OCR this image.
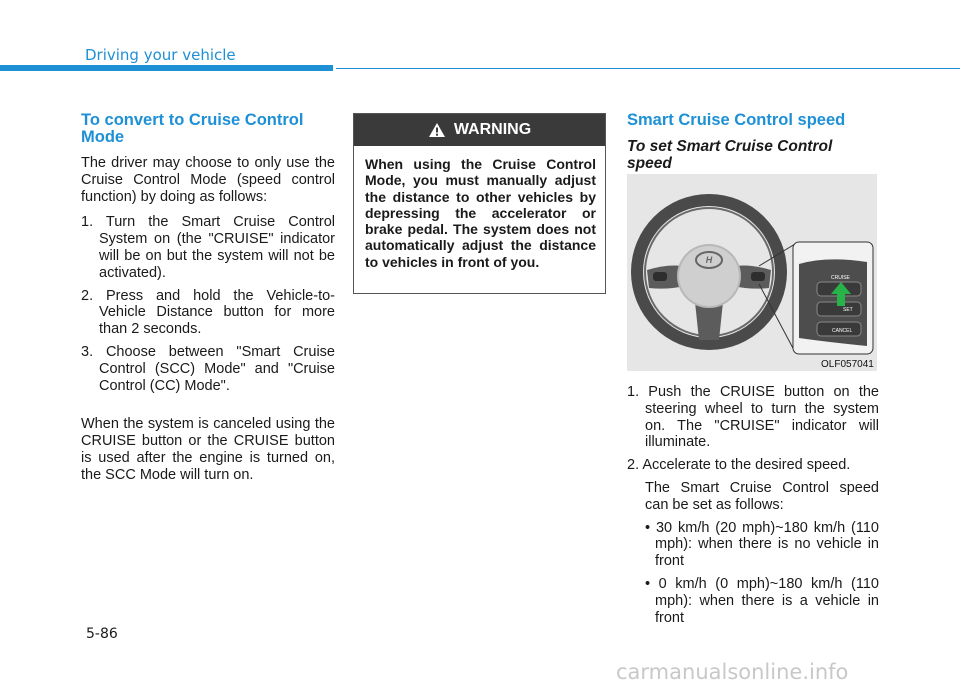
Driving your vehicle
To convert to Cruise Control Mode

The driver may choose to only use the Cruise Control Mode (speed control function) by doing as follows:

1. Turn the Smart Cruise Control System on (the "CRUISE" indicator will be on but the system will not be activated).

2. Press and hold the Vehicle-to-Vehicle Distance button for more than 2 seconds.

3. Choose between "Smart Cruise Control (SCC) Mode" and "Cruise Control (CC) Mode".

When the system is canceled using the CRUISE button or the CRUISE button is used after the engine is turned on, the SCC Mode will turn on.

WARNING
When using the Cruise Control Mode, you must manually adjust the distance to other vehicles by depressing the accelerator or brake pedal. The system does not automatically adjust the distance to vehicles in front of you.
Smart Cruise Control speed
To set Smart Cruise Control speed
H
CRUISE
SET
CANCEL
OLF057041

1. Push the CRUISE button on the steering wheel to turn the system on. The "CRUISE" indicator will illuminate.

2. Accelerate to the desired speed.

The Smart Cruise Control speed can be set as follows:

• 30 km/h (20 mph)~180 km/h (110 mph): when there is no vehicle in front

• 0 km/h (0 mph)~180 km/h (110 mph): when there is a vehicle in front

5-86
carmanualsonline.info
